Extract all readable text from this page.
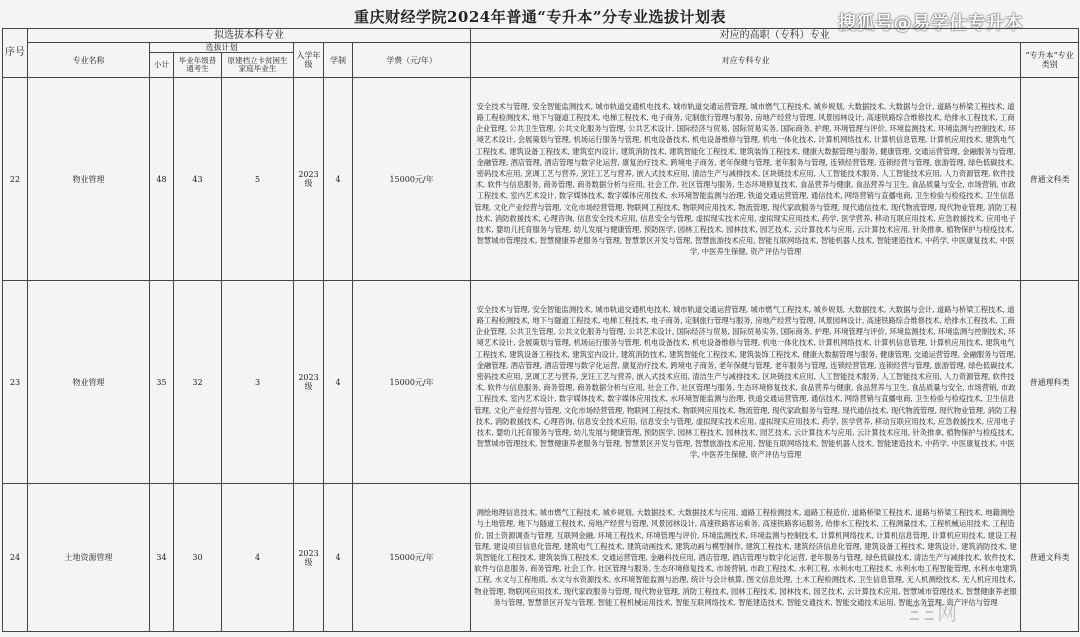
重庆财经学院2024年普通“专升本”分专业选拔计划表	搜狐号@易学仕专升本
ΞΞ网
序号	拟选拔本科专业							对应的高职（专科）专业	
	专业名称	选拔计划			入学年级	学制	学费（元/年）	对应专科专业	“专升本”专业类别
		小计	毕业年级普通考生	原建档立卡贫困生家庭毕业生					
22	物业管理	48	43	5	2023级	4	15000元/年	安全技术与管理, 安全智能监测技术, 城市轨道交通机电技术, 城市轨道交通运营管理, 城市燃气工程技术, 城乡规划, 大数据技术, 大数据与会计, 道路与桥梁工程技术, 道路工程检测技术, 地下与隧道工程技术, 电梯工程技术, 电子商务, 定制旅行管理与服务, 房地产经营与管理, 风景园林设计, 高速铁路综合维修技术, 给排水工程技术, 工商企业管理, 公共卫生管理, 公共文化服务与管理, 公共艺术设计, 国际经济与贸易, 国际贸易实务, 国际商务, 护理, 环境管理与评价, 环境监测技术, 环境监测与控制技术, 环境艺术设计, 会展策划与管理, 机场运行服务与管理, 机电设备技术, 机电设备维修与管理, 机电一体化技术, 计算机网络技术, 计算机信息管理, 计算机应用技术, 建筑电气工程技术, 建筑设备工程技术, 建筑室内设计, 建筑消防技术, 建筑智能化工程技术, 建筑装饰工程技术, 健康大数据管理与服务, 健康管理, 交通运营管理, 金融服务与管理, 金融管理, 酒店管理, 酒店管理与数字化运营, 康复治疗技术, 跨境电子商务, 老年保健与管理, 老年服务与管理, 连锁经营管理, 连锁经营与管理, 旅游管理, 绿色低碳技术, 密码技术应用, 烹调工艺与营养, 烹饪工艺与营养, 嵌入式技术应用, 清洁生产与减排技术, 区块链技术应用, 人工智能技术服务, 人工智能技术应用, 人力资源管理, 软件技术, 软件与信息服务, 商务管理, 商务数据分析与应用, 社会工作, 社区管理与服务, 生态环境修复技术, 食品营养与健康, 食品营养与卫生, 食品质量与安全, 市场营销, 市政工程技术, 室内艺术设计, 数字媒体技术, 数字媒体应用技术, 水环境智能监测与治理, 铁道交通运营管理, 通信技术, 网络营销与直播电商, 卫生检验与检疫技术, 卫生信息管理, 文化产业经营与管理, 文化市场经营管理, 物联网工程技术, 物联网应用技术, 物流管理, 现代家政服务与管理, 现代通信技术, 现代物流管理, 现代物业管理, 消防工程技术, 消防救援技术, 心理咨询, 信息安全技术应用, 信息安全与管理, 虚拟现实技术应用, 虚拟现实应用技术, 药学, 医学营养, 移动互联应用技术, 应急救援技术, 应用电子技术, 婴幼儿托育服务与管理, 幼儿发展与健康管理, 预防医学, 园林工程技术, 园林技术, 园艺技术, 云计算技术与应用, 云计算技术应用, 针灸推拿, 植物保护与检疫技术, 智慧城市管理技术, 智慧健康养老服务与管理, 智慧景区开发与管理, 智慧旅游技术应用, 智能互联网络技术, 智能机器人技术, 智能建造技术, 中药学, 中医康复技术, 中医学, 中医养生保健, 资产评估与管理	普通文科类
23	物业管理	35	32	3	2023级	4	15000元/年	安全技术与管理, 安全智能监测技术, 城市轨道交通机电技术, 城市轨道交通运营管理, 城市燃气工程技术, 城乡规划, 大数据技术, 大数据与会计, 道路与桥梁工程技术, 道路工程检测技术, 地下与隧道工程技术, 电梯工程技术, 电子商务, 定制旅行管理与服务, 房地产经营与管理, 风景园林设计, 高速铁路综合维修技术, 给排水工程技术, 工商企业管理, 公共卫生管理, 公共文化服务与管理, 公共艺术设计, 国际经济与贸易, 国际贸易实务, 国际商务, 护理, 环境管理与评价, 环境监测技术, 环境监测与控制技术, 环境艺术设计, 会展策划与管理, 机场运行服务与管理, 机电设备技术, 机电设备维修与管理, 机电一体化技术, 计算机网络技术, 计算机信息管理, 计算机应用技术, 建筑电气工程技术, 建筑设备工程技术, 建筑室内设计, 建筑消防技术, 建筑智能化工程技术, 建筑装饰工程技术, 健康大数据管理与服务, 健康管理, 交通运营管理, 金融服务与管理, 金融管理, 酒店管理, 酒店管理与数字化运营, 康复治疗技术, 跨境电子商务, 老年保健与管理, 老年服务与管理, 连锁经营管理, 连锁经营与管理, 旅游管理, 绿色低碳技术, 密码技术应用, 烹调工艺与营养, 烹饪工艺与营养, 嵌入式技术应用, 清洁生产与减排技术, 区块链技术应用, 人工智能技术服务, 人工智能技术应用, 人力资源管理, 软件技术, 软件与信息服务, 商务管理, 商务数据分析与应用, 社会工作, 社区管理与服务, 生态环境修复技术, 食品营养与健康, 食品营养与卫生, 食品质量与安全, 市场营销, 市政工程技术, 室内艺术设计, 数字媒体技术, 数字媒体应用技术, 水环境智能监测与治理, 铁道交通运营管理, 通信技术, 网络营销与直播电商, 卫生检验与检疫技术, 卫生信息管理, 文化产业经营与管理, 文化市场经营管理, 物联网工程技术, 物联网应用技术, 物流管理, 现代家政服务与管理, 现代通信技术, 现代物流管理, 现代物业管理, 消防工程技术, 消防救援技术, 心理咨询, 信息安全技术应用, 信息安全与管理, 虚拟现实技术应用, 虚拟现实应用技术, 药学, 医学营养, 移动互联应用技术, 应急救援技术, 应用电子技术, 婴幼儿托育服务与管理, 幼儿发展与健康管理, 预防医学, 园林工程技术, 园林技术, 园艺技术, 云计算技术与应用, 云计算技术应用, 针灸推拿, 植物保护与检疫技术, 智慧城市管理技术, 智慧健康养老服务与管理, 智慧景区开发与管理, 智慧旅游技术应用, 智能互联网络技术, 智能机器人技术, 智能建造技术, 中药学, 中医康复技术, 中医学, 中医养生保健, 资产评估与管理	普通理科类
24	土地资源管理	34	30	4	2023级	4	15000元/年	测绘地理信息技术, 城市燃气工程技术, 城乡规划, 大数据技术, 大数据技术与应用, 道路工程检测技术, 道路工程造价, 道路桥梁工程技术, 道路与桥梁工程技术, 地籍测绘与土地管理, 地下与隧道工程技术, 房地产经营与管理, 风景园林设计, 高速铁路客运乘务, 高速铁路客运服务, 给排水工程技术, 工程测量技术, 工程机械运用技术, 工程造价, 国土资源调查与管理, 互联网金融, 环境工程技术, 环境管理与评价, 环境监测技术, 环境监测与控制技术, 计算机网络技术, 计算机信息管理, 计算机应用技术, 建设工程管理, 建设项目信息化管理, 建筑电气工程技术, 建筑动画技术, 建筑动画与模型制作, 建筑工程技术, 建筑经济信息化管理, 建筑设备工程技术, 建筑设计, 建筑消防技术, 建筑智能化工程技术, 建筑装饰工程技术, 交通运营管理, 金融科技应用, 酒店管理, 酒店管理与数字化运营, 老年服务与管理, 绿色低碳技术, 清洁生产与减排技术, 软件技术, 软件与信息服务, 商务管理, 社会工作, 社区管理与服务, 生态环境修复技术, 市场营销, 市政工程技术, 水利工程, 水利水电工程技术, 水利水电工程智能管理, 水利水电建筑工程, 水文与工程地质, 水文与水资源技术, 水环境智能监测与治理, 统计与会计核算, 图文信息处理, 土木工程检测技术, 卫生信息管理, 无人机测绘技术, 无人机应用技术, 物业管理, 物联网应用技术, 现代家政服务与管理, 现代物业管理, 消防工程技术, 园林工程技术, 园林技术, 园艺技术, 云计算技术应用, 智慧城市管理技术, 智慧健康养老服务与管理, 智慧景区开发与管理, 智能工程机械运用技术, 智能互联网络技术, 智能建造技术, 智能交通技术, 智能交通技术运用, 智能水务管理, 资产评估与管理	普通文科类
